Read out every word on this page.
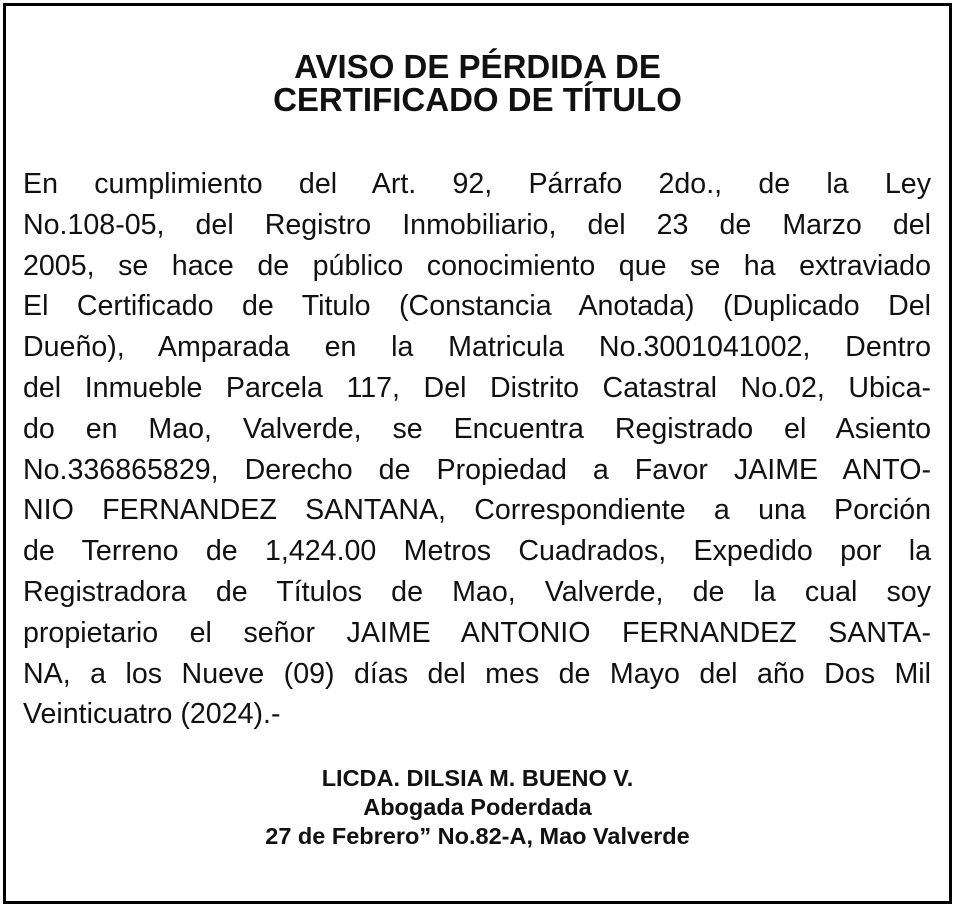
AVISO DE PÉRDIDA DE
CERTIFICADO DE TÍTULO
En cumplimiento del Art. 92, Párrafo 2do., de la Ley
No.108-05, del Registro Inmobiliario, del 23 de Marzo del
2005, se hace de público conocimiento que se ha extraviado
El Certificado de Titulo (Constancia Anotada) (Duplicado Del
Dueño), Amparada en la Matricula No.3001041002, Dentro
del Inmueble Parcela 117, Del Distrito Catastral No.02, Ubica-
do en Mao, Valverde, se Encuentra Registrado el Asiento
No.336865829, Derecho de Propiedad a Favor JAIME ANTO-
NIO FERNANDEZ SANTANA, Correspondiente a una Porción
de Terreno de 1,424.00 Metros Cuadrados, Expedido por la
Registradora de Títulos de Mao, Valverde, de la cual soy
propietario el señor JAIME ANTONIO FERNANDEZ SANTA-
NA, a los Nueve (09) días del mes de Mayo del año Dos Mil
Veinticuatro (2024).-
LICDA. DILSIA M. BUENO V.
Abogada Poderdada
27 de Febrero” No.82-A, Mao Valverde
